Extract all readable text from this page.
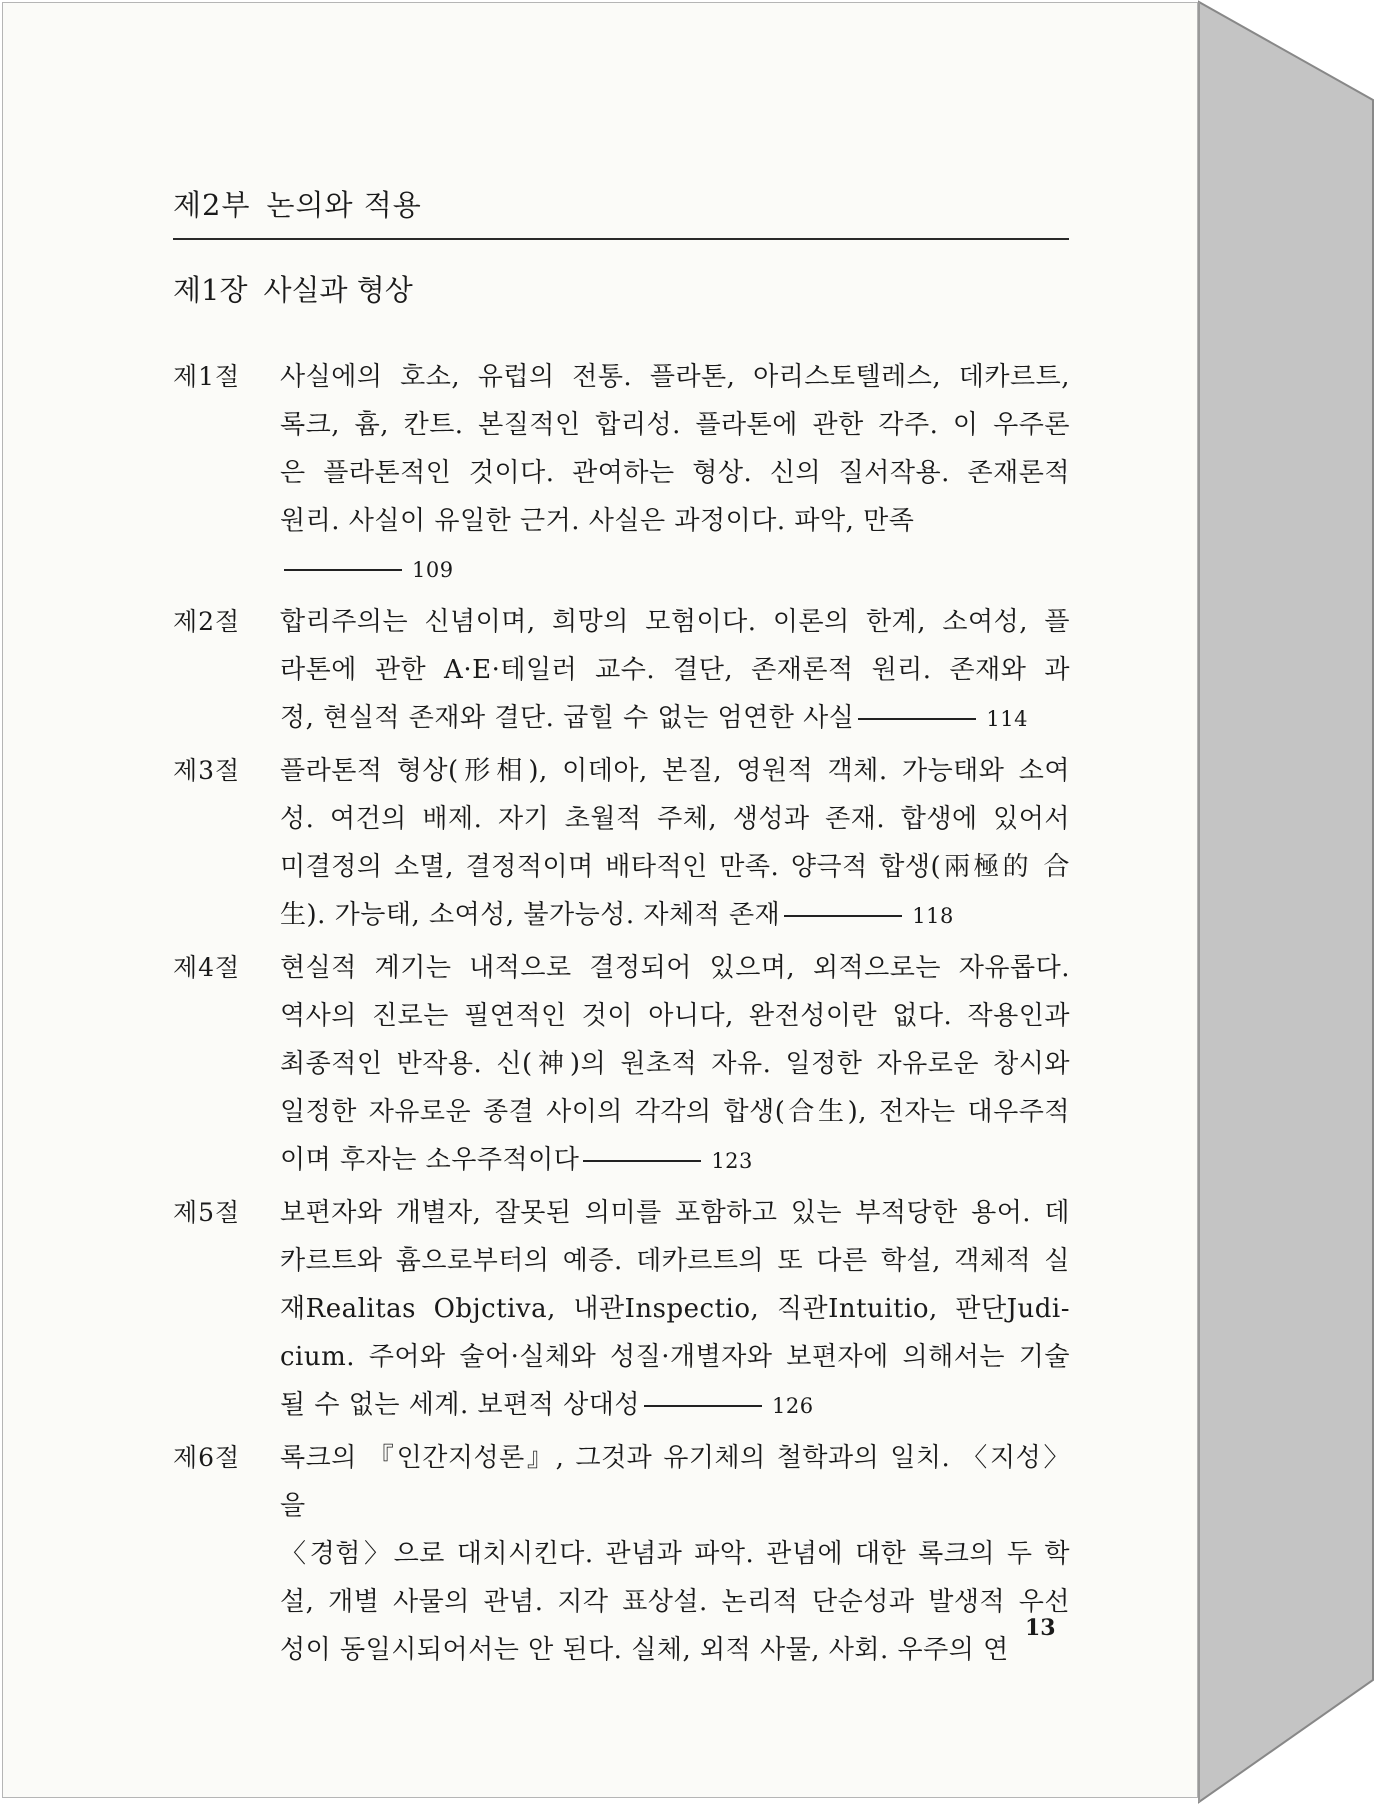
제2부 논의와 적용
제1장 사실과 형상
제1절	사실에의 호소, 유럽의 전통. 플라톤, 아리스토텔레스, 데카르트,
록크, 흄, 칸트. 본질적인 합리성. 플라톤에 관한 각주. 이 우주론
은 플라톤적인 것이다. 관여하는 형상. 신의 질서작용. 존재론적
원리. 사실이 유일한 근거. 사실은 과정이다. 파악, 만족
109
제2절	합리주의는 신념이며, 희망의 모험이다. 이론의 한계, 소여성, 플
라톤에 관한 A·E·테일러 교수. 결단, 존재론적 원리. 존재와 과
정, 현실적 존재와 결단. 굽힐 수 없는 엄연한 사실	114
제3절	플라톤적 형상(形相), 이데아, 본질, 영원적 객체. 가능태와 소여
성. 여건의 배제. 자기 초월적 주체, 생성과 존재. 합생에 있어서
미결정의 소멸, 결정적이며 배타적인 만족. 양극적 합생(兩極的 合
生). 가능태, 소여성, 불가능성. 자체적 존재	118
제4절	현실적 계기는 내적으로 결정되어 있으며, 외적으로는 자유롭다.
역사의 진로는 필연적인 것이 아니다, 완전성이란 없다. 작용인과
최종적인 반작용. 신(神)의 원초적 자유. 일정한 자유로운 창시와
일정한 자유로운 종결 사이의 각각의 합생(合生), 전자는 대우주적
이며 후자는 소우주적이다	123
제5절	보편자와 개별자, 잘못된 의미를 포함하고 있는 부적당한 용어. 데
카르트와 흄으로부터의 예증. 데카르트의 또 다른 학설, 객체적 실
재Realitas Objctiva, 내관Inspectio, 직관Intuitio, 판단Judi-
cium. 주어와 술어·실체와 성질·개별자와 보편자에 의해서는 기술
될 수 없는 세계. 보편적 상대성	126
제6절	록크의 『인간지성론』, 그것과 유기체의 철학과의 일치. 〈지성〉을
〈경험〉으로 대치시킨다. 관념과 파악. 관념에 대한 록크의 두 학
설, 개별 사물의 관념. 지각 표상설. 논리적 단순성과 발생적 우선
성이 동일시되어서는 안 된다. 실체, 외적 사물, 사회. 우주의 연
13
